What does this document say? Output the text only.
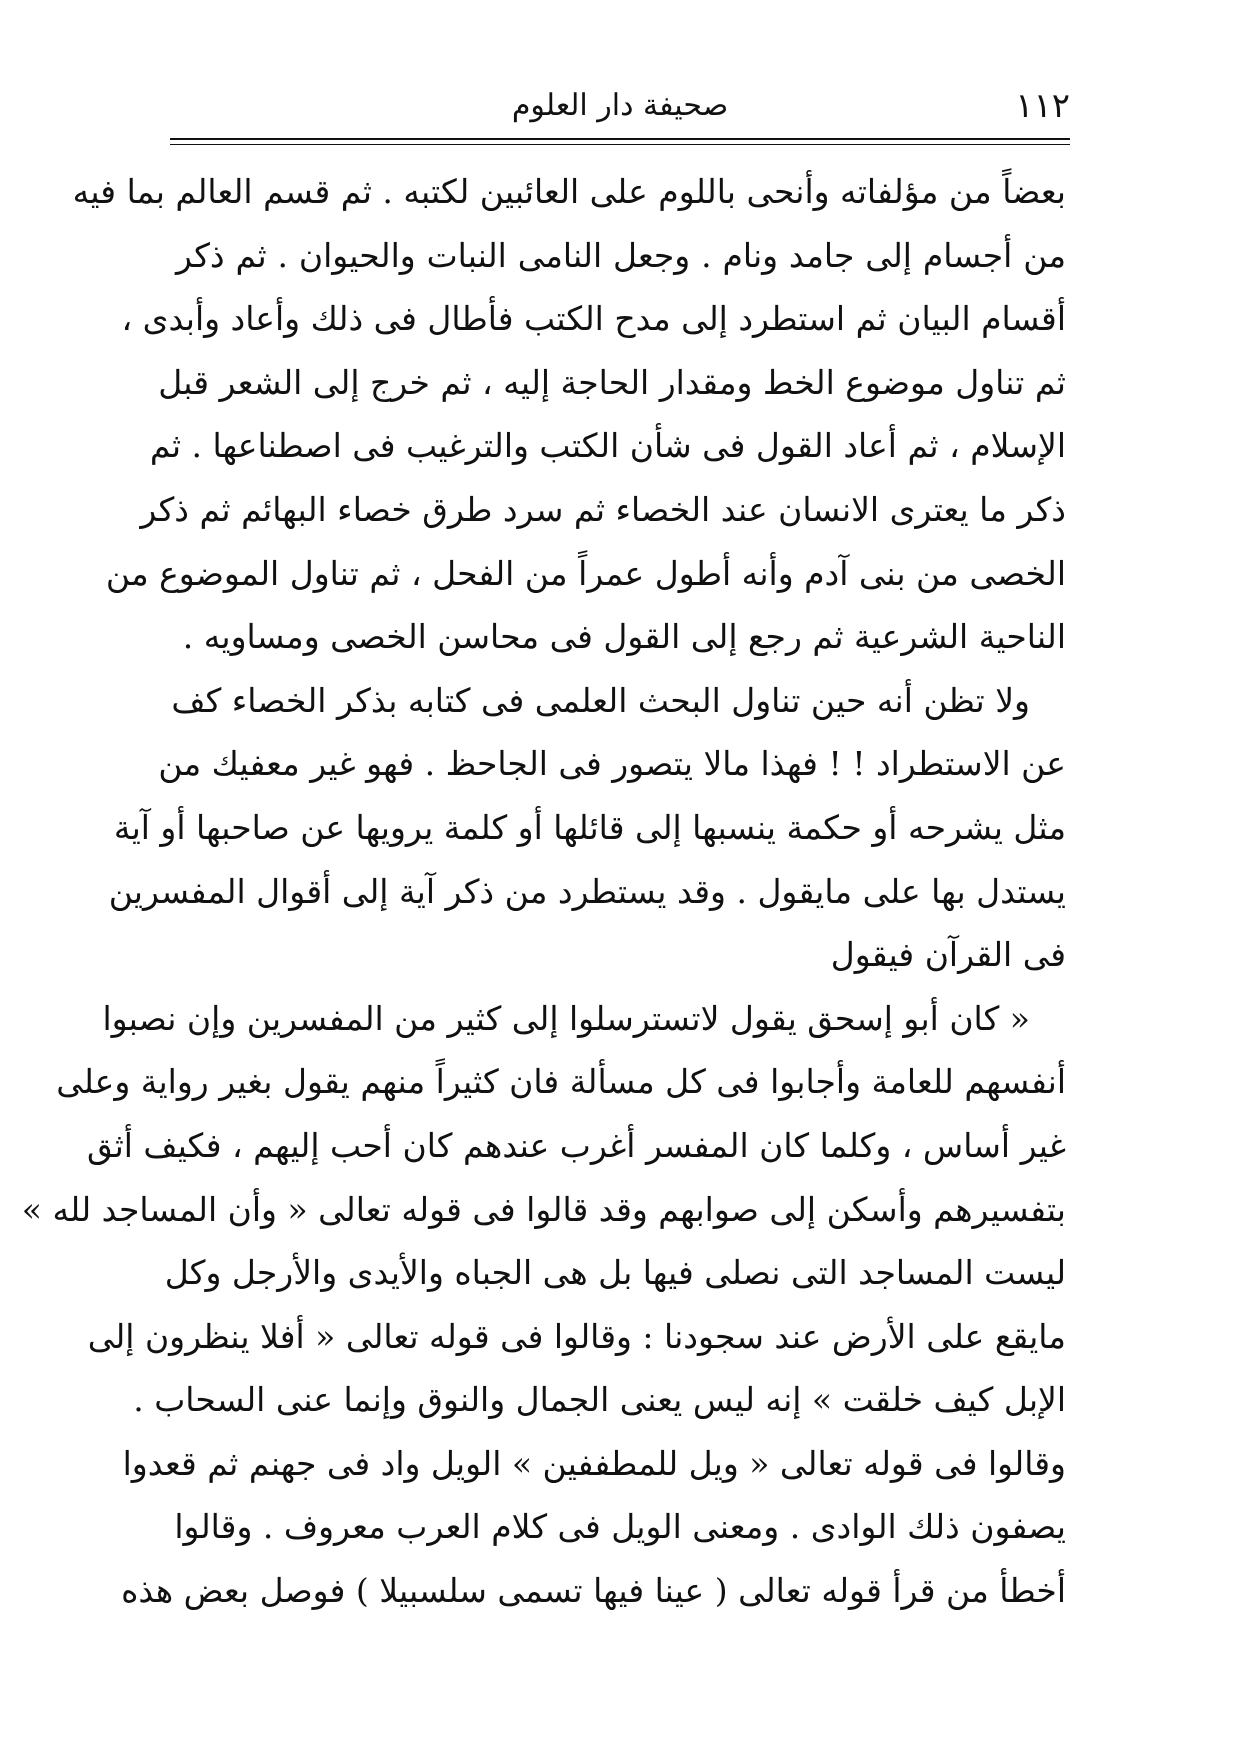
١١٢
صحيفة دار العلوم
بعضاً من مؤلفاته وأنحى باللوم على العائبين لكتبه . ثم قسم العالم بما فيه
من أجسام إلى جامد ونام . وجعل النامى النبات والحيوان . ثم ذكر
أقسام البيان ثم استطرد إلى مدح الكتب فأطال فى ذلك وأعاد وأبدى ،
ثم تناول موضوع الخط ومقدار الحاجة إليه ، ثم خرج إلى الشعر قبل
الإسلام ، ثم أعاد القول فى شأن الكتب والترغيب فى اصطناعها . ثم
ذكر ما يعترى الانسان عند الخصاء ثم سرد طرق خصاء البهائم ثم ذكر
الخصى من بنى آدم وأنه أطول عمراً من الفحل ، ثم تناول الموضوع من
الناحية الشرعية ثم رجع إلى القول فى محاسن الخصى ومساويه .
ولا تظن أنه حين تناول البحث العلمى فى كتابه بذكر الخصاء كف
عن الاستطراد ! ! فهذا مالا يتصور فى الجاحظ . فهو غير معفيك من
مثل يشرحه أو حكمة ينسبها إلى قائلها أو كلمة يرويها عن صاحبها أو آية
يستدل بها على مايقول . وقد يستطرد من ذكر آية إلى أقوال المفسرين
فى القرآن فيقول
« كان أبو إسحق يقول لاتسترسلوا إلى كثير من المفسرين وإن نصبوا
أنفسهم للعامة وأجابوا فى كل مسألة فان كثيراً منهم يقول بغير رواية وعلى
غير أساس ، وكلما كان المفسر أغرب عندهم كان أحب إليهم ، فكيف أثق
بتفسيرهم وأسكن إلى صوابهم وقد قالوا فى قوله تعالى « وأن المساجد لله »
ليست المساجد التى نصلى فيها بل هى الجباه والأيدى والأرجل وكل
مايقع على الأرض عند سجودنا : وقالوا فى قوله تعالى « أفلا ينظرون إلى
الإبل كيف خلقت » إنه ليس يعنى الجمال والنوق وإنما عنى السحاب .
وقالوا فى قوله تعالى « ويل للمطففين » الويل واد فى جهنم ثم قعدوا
يصفون ذلك الوادى . ومعنى الويل فى كلام العرب معروف . وقالوا
أخطأ من قرأ قوله تعالى ( عينا فيها تسمى سلسبيلا ) فوصل بعض هذه
